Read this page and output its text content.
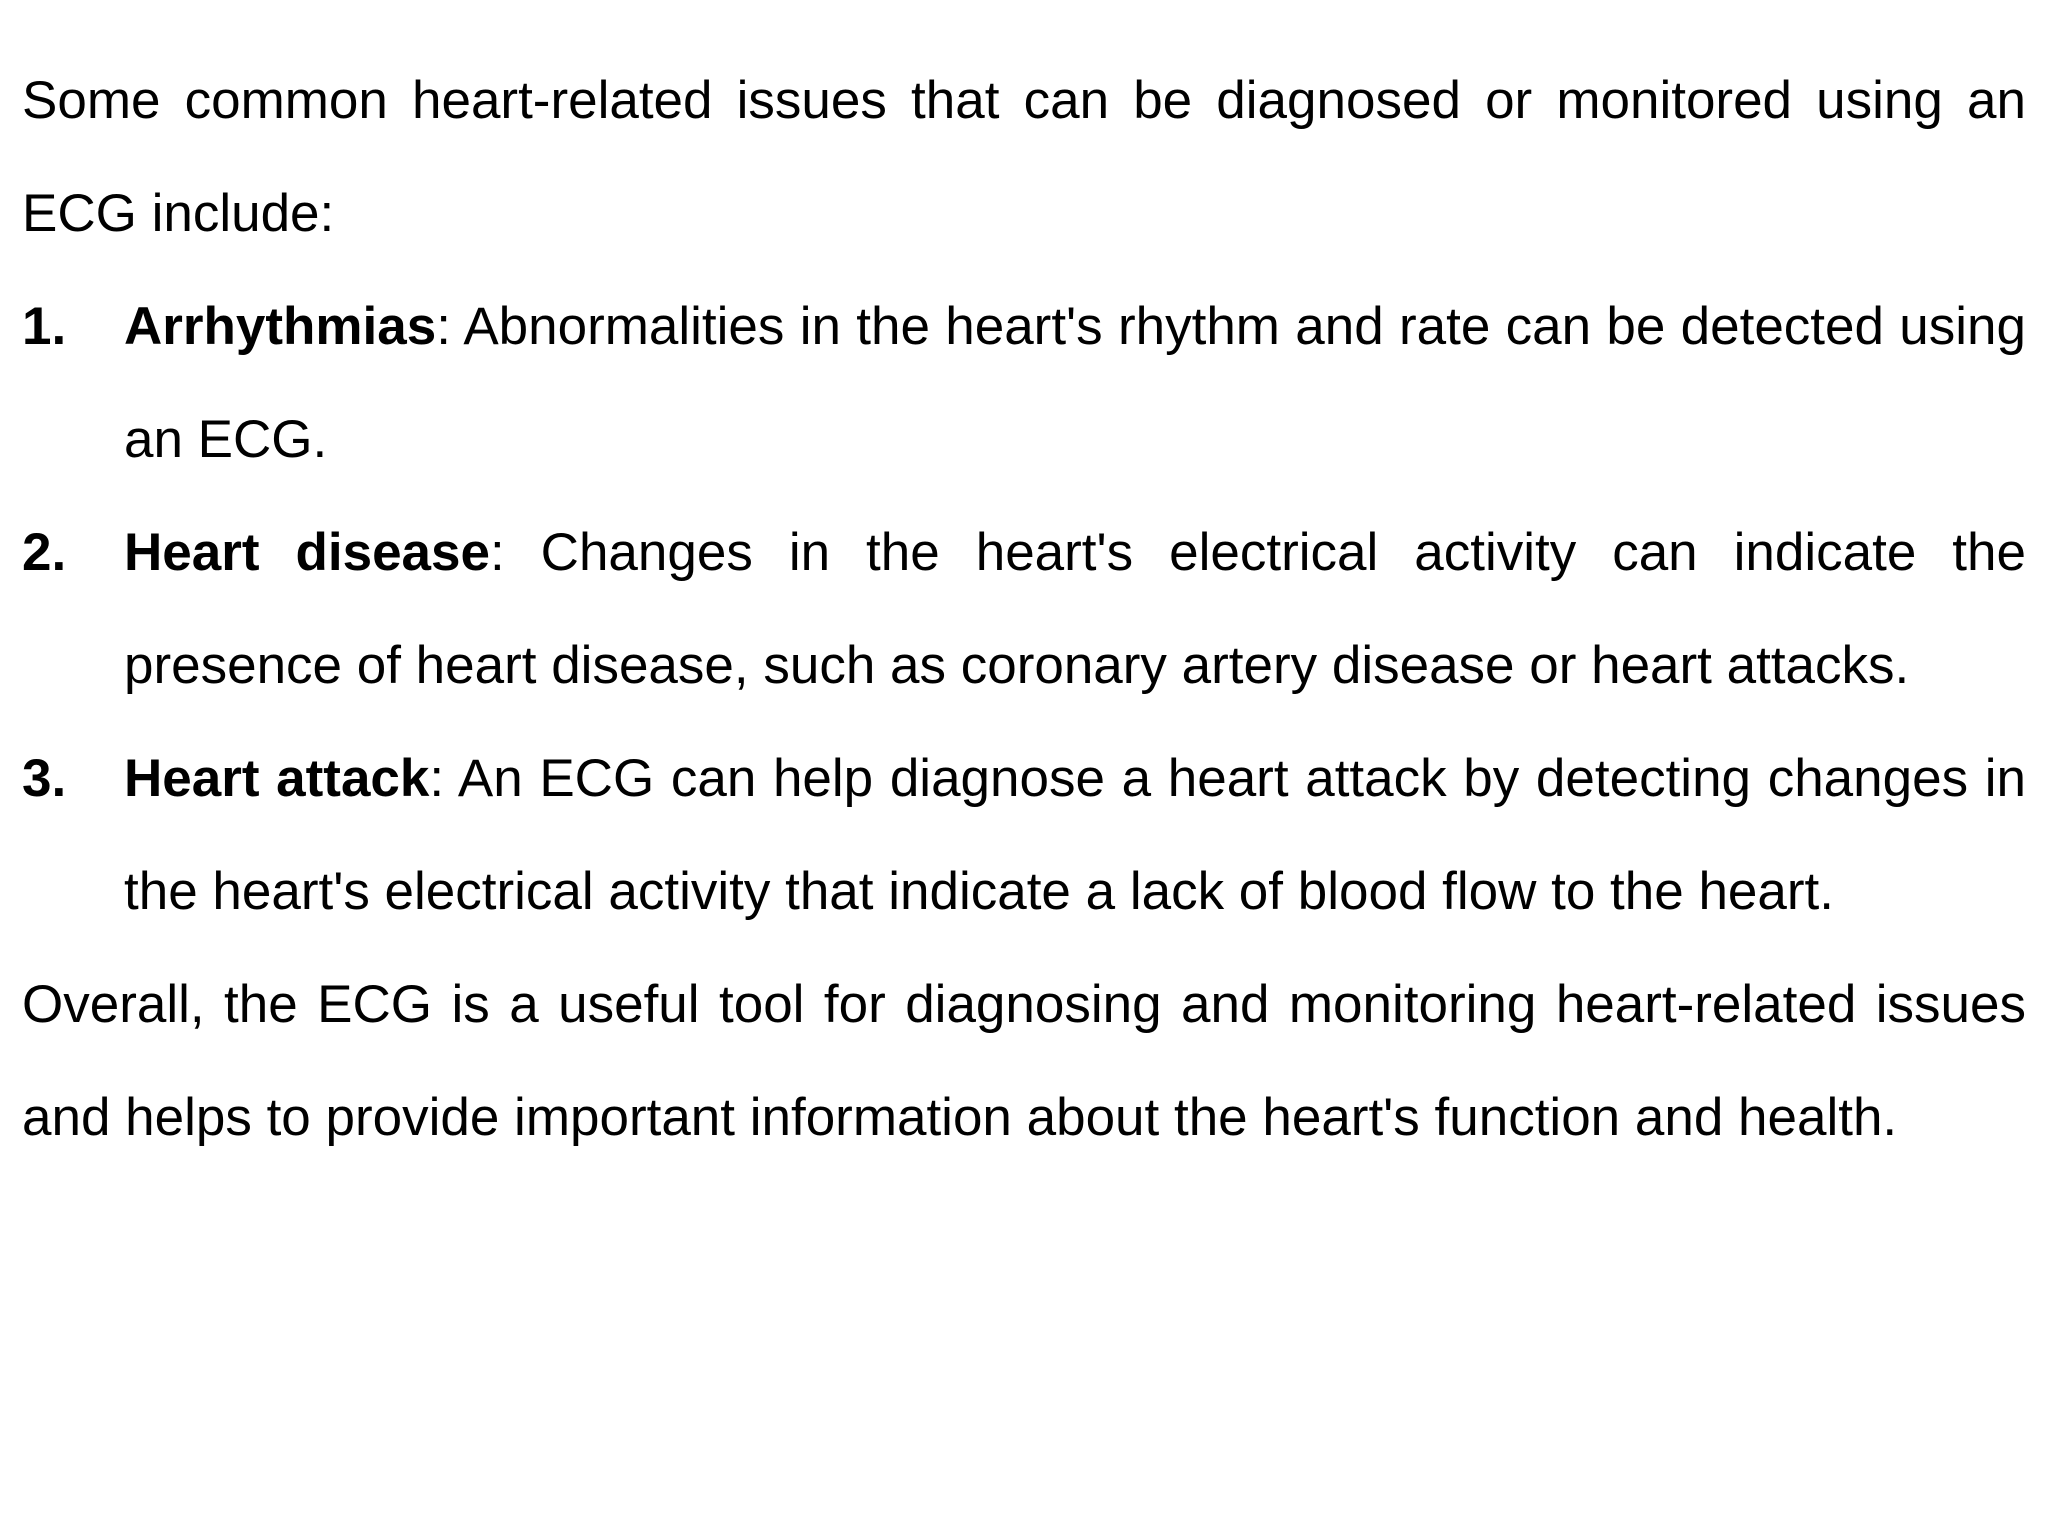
Some common heart-related issues that can be diagnosed or monitored using an ECG include:

1. Arrhythmias: Abnormalities in the heart's rhythm and rate can be detected using an ECG.
2. Heart disease: Changes in the heart's electrical activity can indicate the presence of heart disease, such as coronary artery disease or heart attacks.
3. Heart attack: An ECG can help diagnose a heart attack by detecting changes in the heart's electrical activity that indicate a lack of blood flow to the heart.

Overall, the ECG is a useful tool for diagnosing and monitoring heart-related issues and helps to provide important information about the heart's function and health.
